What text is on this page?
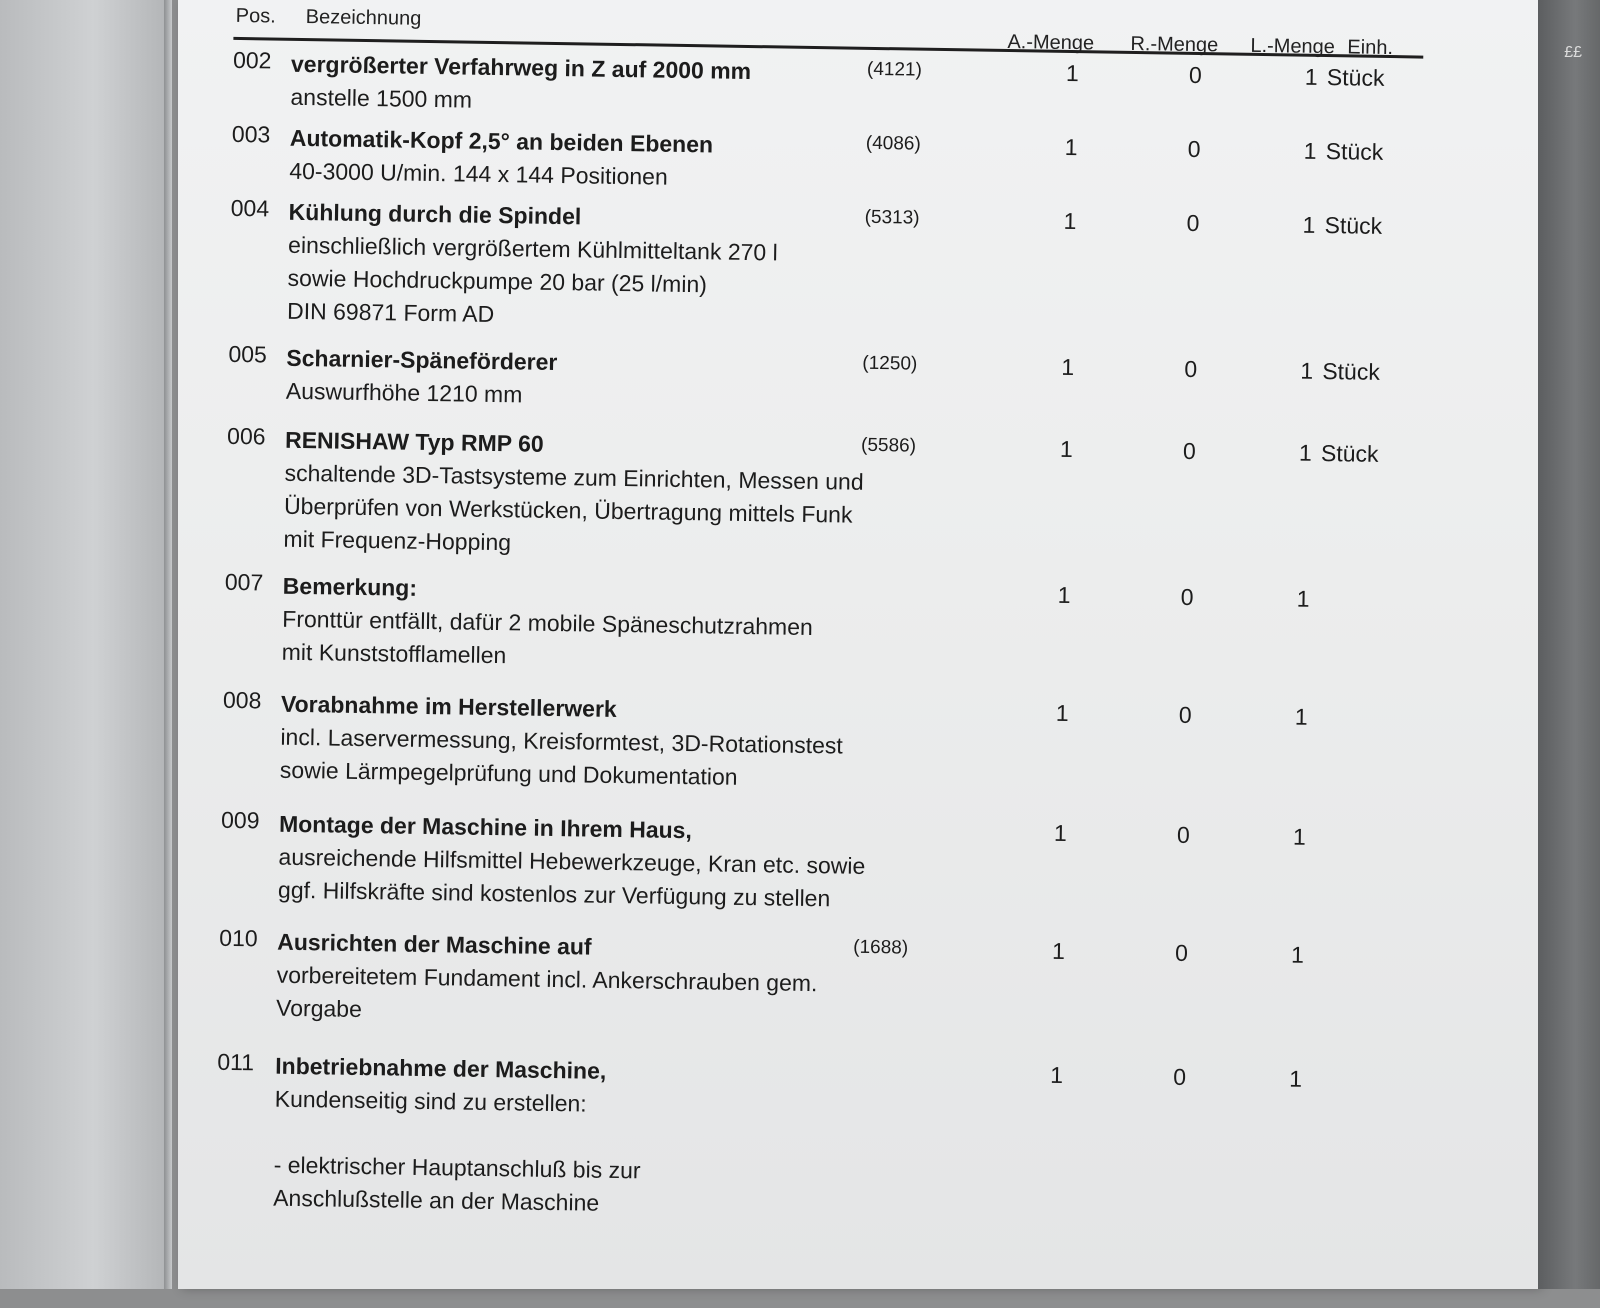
Pos. Bezeichnung
A.-Menge R.-Menge L.-Menge Einh.
002 vergrößerter Verfahrweg in Z auf 2000 mm
anstelle 1500 mm
(4121)	1	0	1 Stück
003 Automatik-Kopf 2,5° an beiden Ebenen
40-3000 U/min. 144 x 144 Positionen
(4086)	1	0	1 Stück
004 Kühlung durch die Spindel
einschließlich vergrößertem Kühlmitteltank 270 l
sowie Hochdruckpumpe 20 bar (25 l/min)
DIN 69871 Form AD
(5313)	1	0	1 Stück
005 Scharnier-Späneförderer
Auswurfhöhe 1210 mm
(1250)	1	0	1 Stück
006 RENISHAW Typ RMP 60
schaltende 3D-Tastsysteme zum Einrichten, Messen und
Überprüfen von Werkstücken, Übertragung mittels Funk
mit Frequenz-Hopping
(5586)	1	0	1 Stück
007 Bemerkung:
Fronttür entfällt, dafür 2 mobile Späneschutzrahmen
mit Kunststofflamellen
1	0	1
008 Vorabnahme im Herstellerwerk
incl. Laservermessung, Kreisformtest, 3D-Rotationstest
sowie Lärmpegelprüfung und Dokumentation
1	0	1
009 Montage der Maschine in Ihrem Haus,
ausreichende Hilfsmittel Hebewerkzeuge, Kran etc. sowie
ggf. Hilfskräfte sind kostenlos zur Verfügung zu stellen
1	0	1
010 Ausrichten der Maschine auf
vorbereitetem Fundament incl. Ankerschrauben gem.
Vorgabe
(1688)	1	0	1
011 Inbetriebnahme der Maschine,
Kundenseitig sind zu erstellen:
- elektrischer Hauptanschluß bis zur
Anschlußstelle an der Maschine
1	0	1
££
